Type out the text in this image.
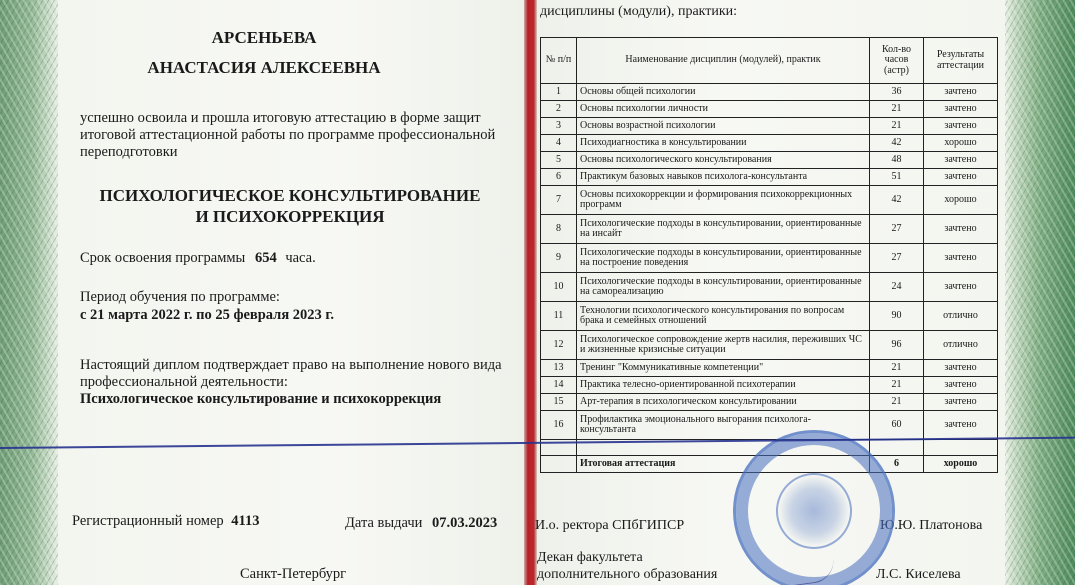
АРСЕНЬЕВА
АНАСТАСИЯ АЛЕКСЕЕВНА
успешно освоила и прошла итоговую аттестацию в форме защит
итоговой аттестационной работы по программе профессиональной
переподготовки
ПСИХОЛОГИЧЕСКОЕ КОНСУЛЬТИРОВАНИЕ
И ПСИХОКОРРЕКЦИЯ
Срок освоения программы 654 часа.
Период обучения по программе:
с 21 марта 2022 г. по 25 февраля 2023 г.
Настоящий диплом подтверждает право на выполнение нового вида
профессиональной деятельности:
Психологическое консультирование и психокоррекция
Регистрационный номер 4113	Дата выдачи 07.03.2023
Санкт-Петербург
дисциплины (модули), практики:
№ п/п	Наименование дисциплин (модулей), практик	Кол-во часов (астр)	Результаты аттестации
1	Основы общей психологии	36	зачтено
2	Основы психологии личности	21	зачтено
3	Основы возрастной психологии	21	зачтено
4	Психодиагностика в консультировании	42	хорошо
5	Основы психологического консультирования	48	зачтено
6	Практикум базовых навыков психолога-консультанта	51	зачтено
7	Основы психокоррекции и формирования психокоррекционных программ	42	хорошо
8	Психологические подходы в консультировании, ориентированные на инсайт	27	зачтено
9	Психологические подходы в консультировании, ориентированные на построение поведения	27	зачтено
10	Психологические подходы в консультировании, ориентированные на самореализацию	24	зачтено
11	Технологии психологического консультирования по вопросам брака и семейных отношений	90	отлично
12	Психологическое сопровождение жертв насилия, переживших ЧС и жизненные кризисные ситуации	96	отлично
13	Тренинг "Коммуникативные компетенции"	21	зачтено
14	Практика телесно-ориентированной психотерапии	21	зачтено
15	Арт-терапия в психологическом консультировании	21	зачтено
16	Профилактика эмоционального выгорания психолога-консультанта	60	зачтено

	Итоговая аттестация	6	хорошо
И.о. ректора СПбГИПСР	Ю.Ю. Платонова
Декан факультета
дополнительного образования	Л.С. Киселева
